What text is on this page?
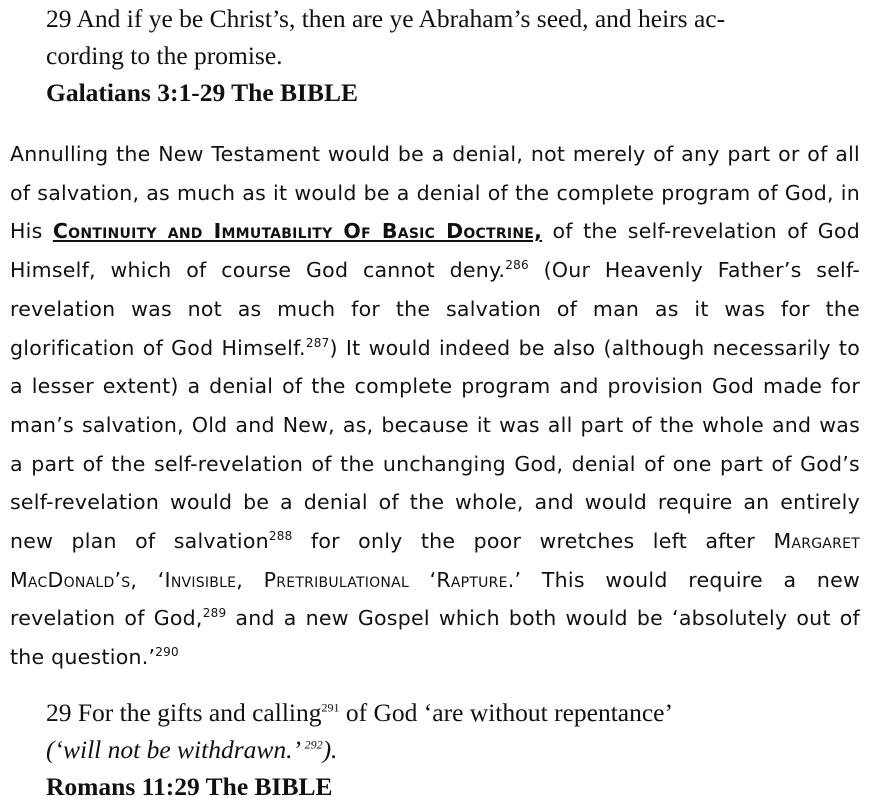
29 And if ye be Christ’s, then are ye Abraham’s seed, and heirs ac-

cording to the promise.

Galatians 3:1-29 The BIBLE

Annulling the New Testament would be a denial, not merely of any part or of all of salvation, as much as it would be a denial of the complete program of God, in His Continuity and Immutability Of Basic Doctrine, of the self-revelation of God Himself, which of course God cannot deny.$^{286}$ (Our Heavenly Father’s self-revelation was not as much for the salvation of man as it was for the glorification of God Himself.$^{287}$) It would indeed be also (although necessarily to a lesser extent) a denial of the complete program and provision God made for man’s salvation, Old and New, as, because it was all part of the whole and was a part of the self-revelation of the unchanging God, denial of one part of God’s self-revelation would be a denial of the whole, and would require an entirely new plan of salvation$^{288}$ for only the poor wretches left after Margaret MacDonald’s, ‘Invisible, Pretribulational ‘Rapture.’ This would require a new revelation of God,$^{289}$ and a new Gospel which both would be ‘absolutely out of the question.’$^{290}$

29 For the gifts and calling$^{291}$ of God ‘are without repentance’

(‘will not be withdrawn.’ $^{292}$).

Romans 11:29 The BIBLE
